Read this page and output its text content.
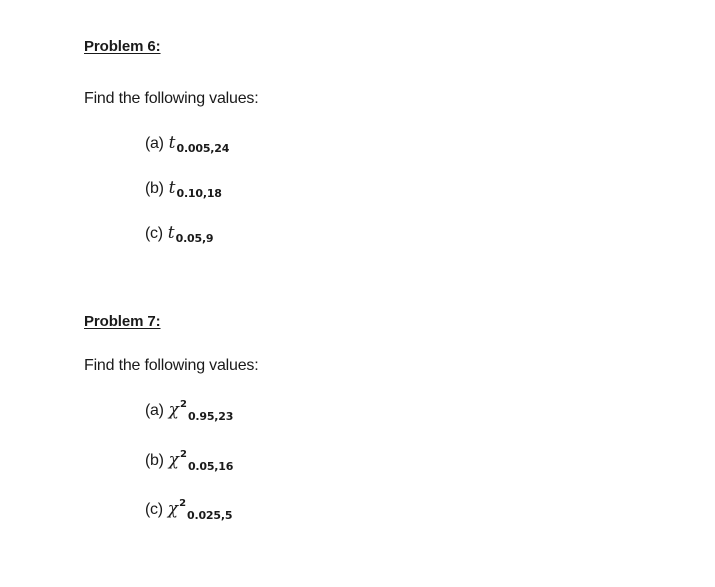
Problem 6:
Find the following values:
(a) t 0.005,24
(b) t 0.10,18
(c) t 0.05,9
Problem 7:
Find the following values:
(a) χ 2
0.95,23
(b) χ 2
0.05,16
(c) χ 2
0.025,5
